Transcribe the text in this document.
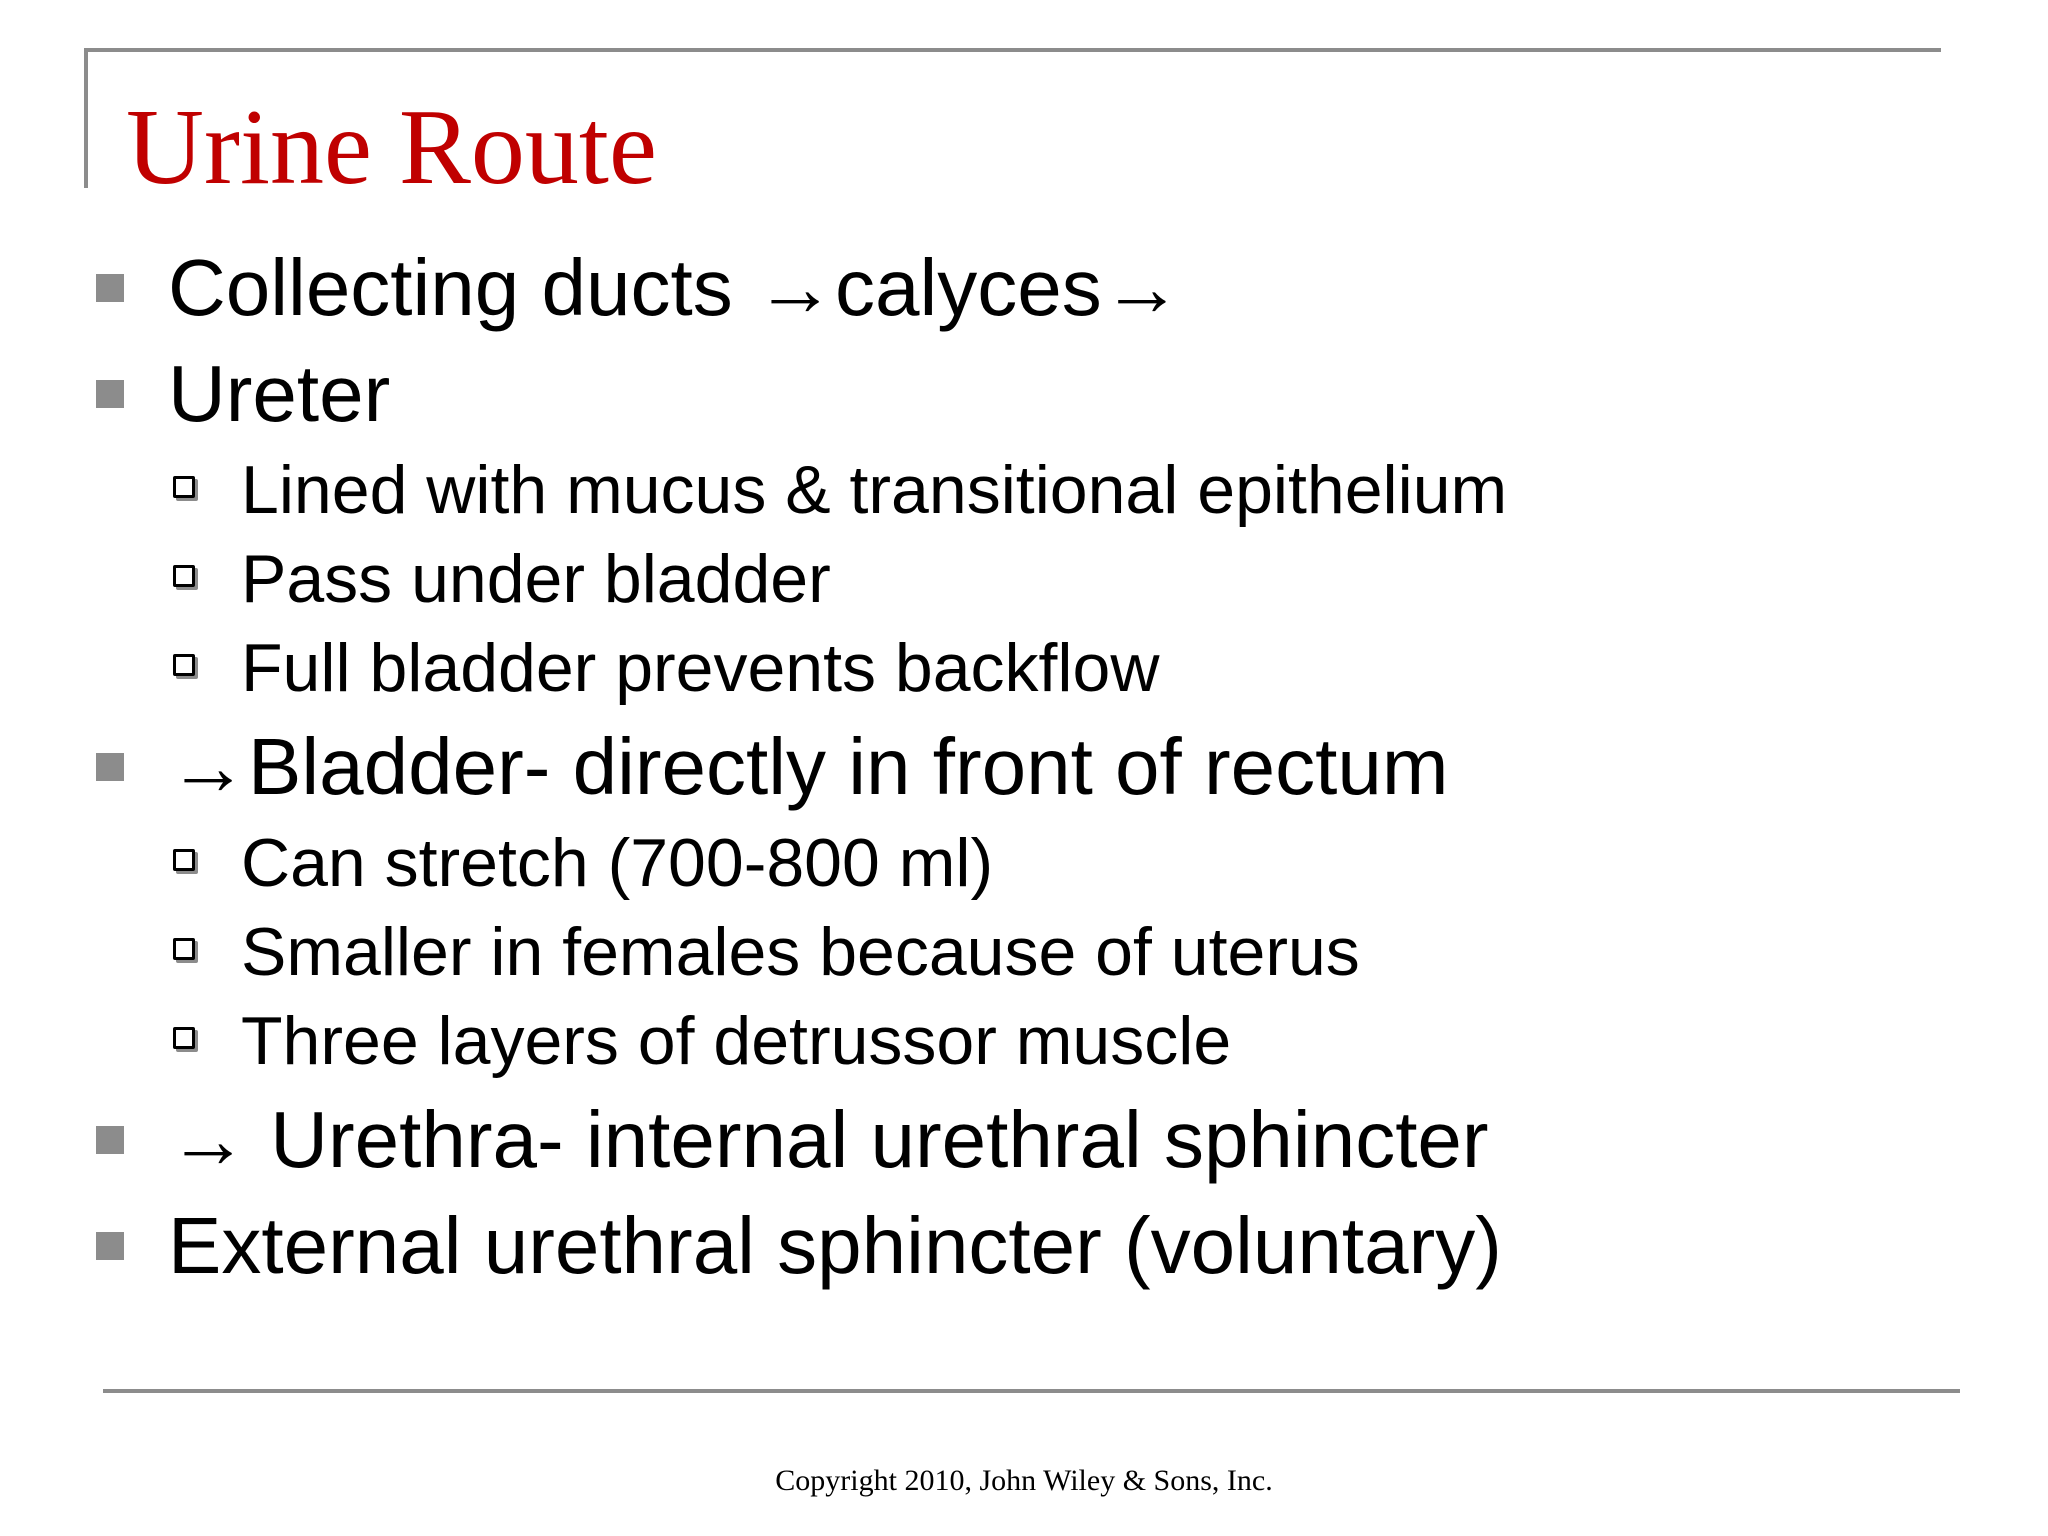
Urine Route
Collecting ducts →calyces→
Ureter
Lined with mucus & transitional epithelium
Pass under bladder
Full bladder prevents backflow
→Bladder- directly in front of rectum
Can stretch (700-800 ml)
Smaller in females because of uterus
Three layers of detrussor muscle
→ Urethra- internal urethral sphincter
External urethral sphincter (voluntary)
Copyright 2010, John Wiley & Sons, Inc.
